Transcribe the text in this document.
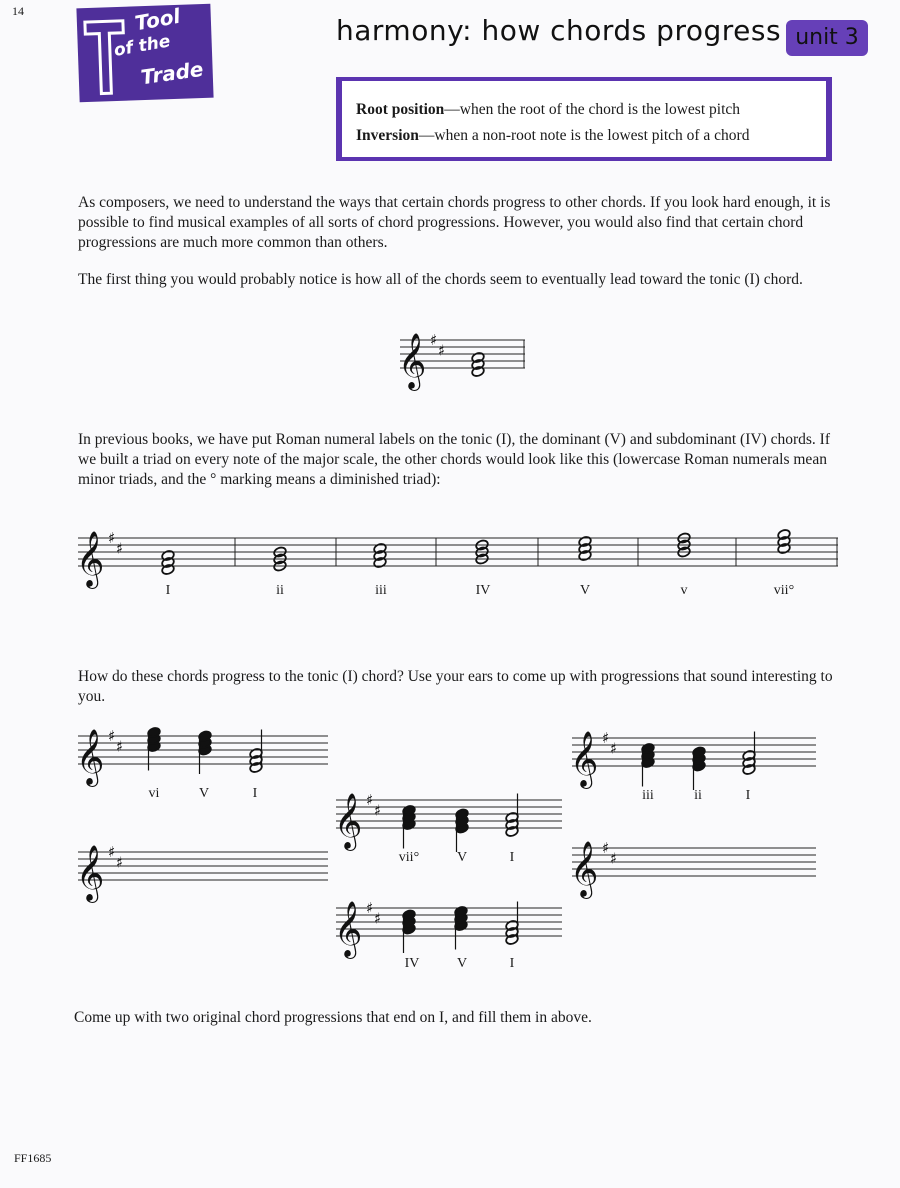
14	Tool
of the
Trade
harmony: how chords progress unit 3
Root position—when the root of the chord is the lowest pitch
Inversion—when a non-root note is the lowest pitch of a chord
As composers, we need to understand the ways that certain chords progress to other chords. If you look hard enough, it is possible to find musical examples of all sorts of chord progressions. However, you would also find that certain chord progressions are much more common than others.
The first thing you would probably notice is how all of the chords seem to eventually lead toward the tonic (I) chord.
In previous books, we have put Roman numeral labels on the tonic (I), the dominant (V) and subdominant (IV) chords. If we built a triad on every note of the major scale, the other chords would look like this (lowercase Roman numerals mean minor triads, and the ° marking means a diminished triad):
How do these chords progress to the tonic (I) chord? Use your ears to come up with progressions that sound interesting to you.
Come up with two original chord progressions that end on I, and fill them in above.
𝄞 ♯
♯
𝄞 ♯
♯
𝄞 ♯
♯
𝄞 ♯
♯
𝄞 ♯
♯
𝄞 ♯
♯
𝄞 ♯
♯
𝄞 ♯
♯
I	ii	iii	IV	V	v	vii°
vi	V	I
vii°	V	I
iii	ii	I
IV	V	I
FF1685
